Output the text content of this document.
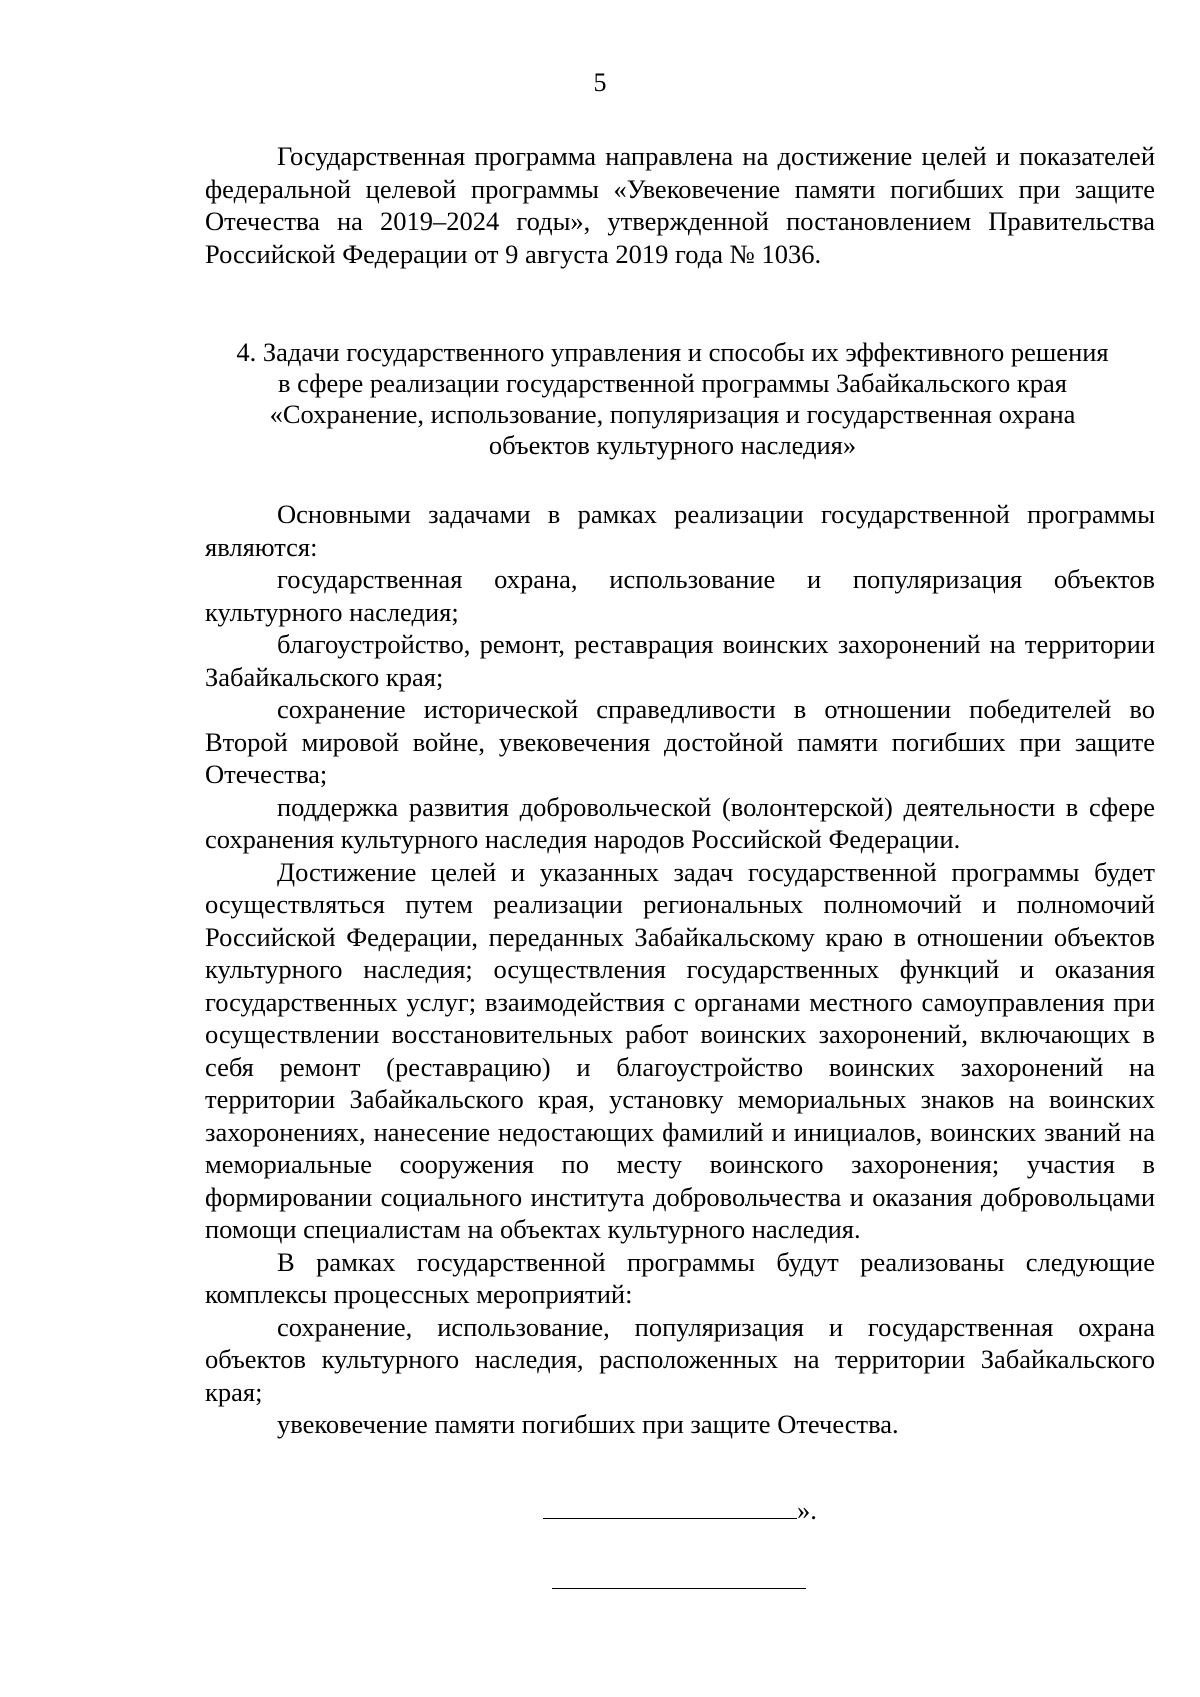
5

Государственная программа направлена на достижение целей и показателей федеральной целевой программы «Увековечение памяти погибших при защите Отечества на 2019–2024 годы», утвержденной постановлением Правительства Российской Федерации от 9 августа 2019 года № 1036.

4. Задачи государственного управления и способы их эффективного решения
в сфере реализации государственной программы Забайкальского края
«Сохранение, использование, популяризация и государственная охрана
объектов культурного наследия»

Основными задачами в рамках реализации государственной программы являются:

государственная охрана, использование и популяризация объектов культурного наследия;

благоустройство, ремонт, реставрация воинских захоронений на территории Забайкальского края;

сохранение исторической справедливости в отношении победителей во Второй мировой войне, увековечения достойной памяти погибших при защите Отечества;

поддержка развития добровольческой (волонтерской) деятельности в сфере сохранения культурного наследия народов Российской Федерации.

Достижение целей и указанных задач государственной программы будет осуществляться путем реализации региональных полномочий и полномочий Российской Федерации, переданных Забайкальскому краю в отношении объектов культурного наследия; осуществления государственных функций и оказания государственных услуг; взаимодействия с органами местного самоуправления при осуществлении восстановительных работ воинских захоронений, включающих в себя ремонт (реставрацию) и благоустройство воинских захоронений на территории Забайкальского края, установку мемориальных знаков на воинских захоронениях, нанесение недостающих фамилий и инициалов, воинских званий на мемориальные сооружения по месту воинского захоронения; участия в формировании социального института добровольчества и оказания добровольцами помощи специалистам на объектах культурного наследия.

В рамках государственной программы будут реализованы следующие комплексы процессных мероприятий:

сохранение, использование, популяризация и государственная охрана объектов культурного наследия, расположенных на территории Забайкальского края;

увековечение памяти погибших при защите Отечества.

».
